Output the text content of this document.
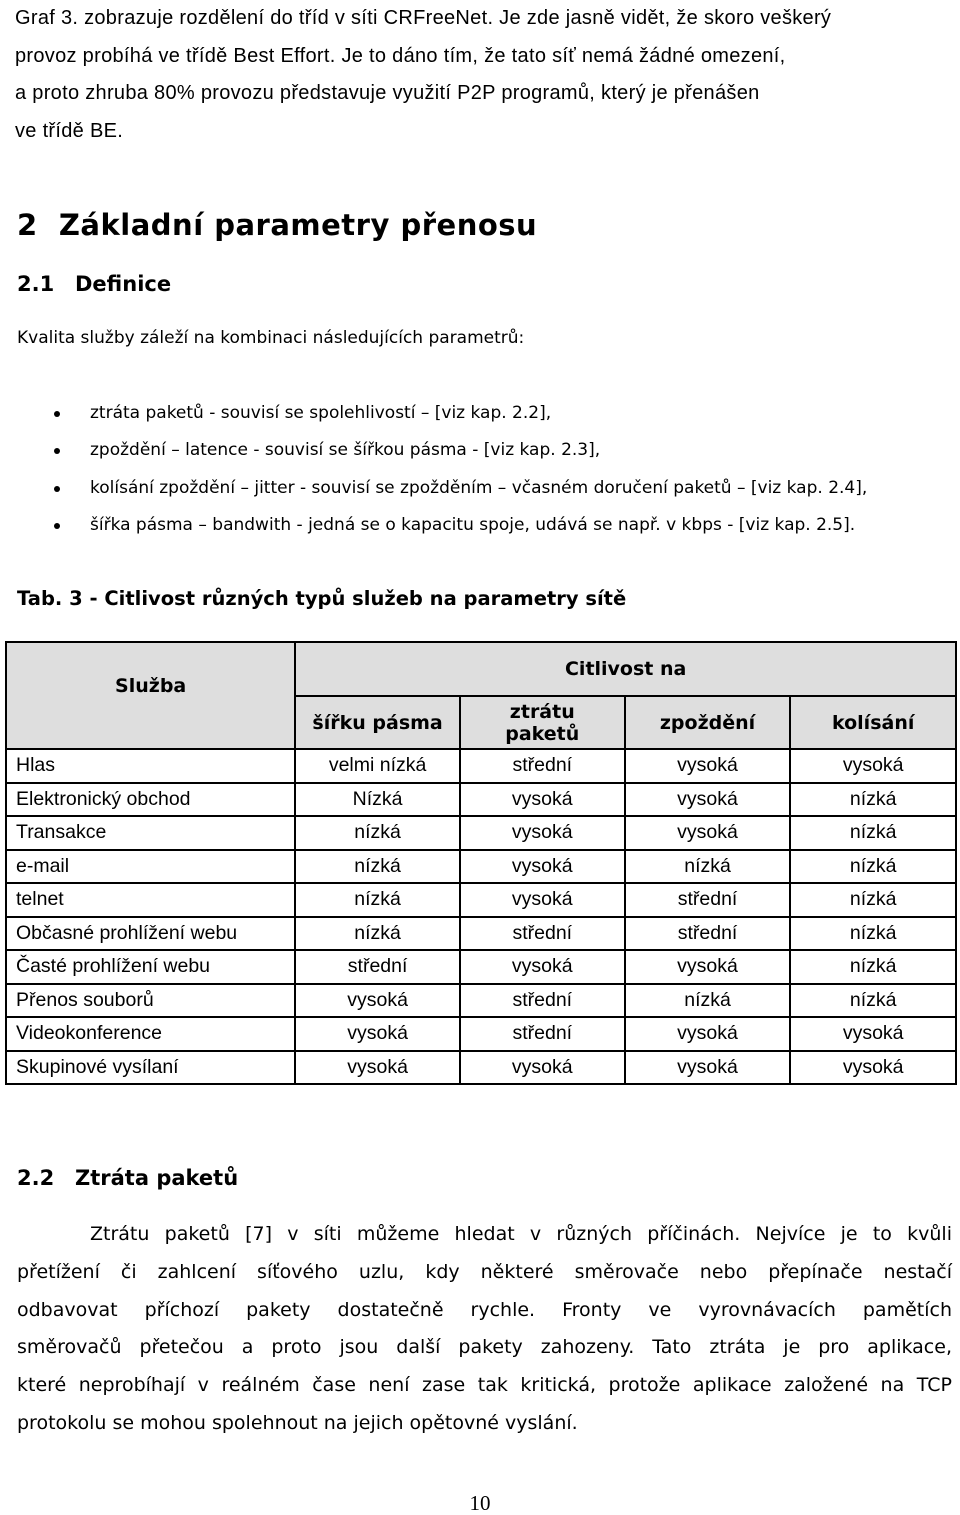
Graf 3. zobrazuje rozdělení do tříd v síti CRFreeNet. Je zde jasně vidět, že skoro veškerý
provoz probíhá ve třídě Best Effort. Je to dáno tím, že tato síť nemá žádné omezení,
a proto zhruba 80% provozu představuje využití P2P programů, který je přenášen
ve třídě BE.
2 Základní parametry přenosu
2.1 Definice
Kvalita služby záleží na kombinaci následujících parametrů:
ztráta paketů - souvisí se spolehlivostí – [viz kap. 2.2],
zpoždění – latence - souvisí se šířkou pásma - [viz kap. 2.3],
kolísání zpoždění – jitter - souvisí se zpožděním – včasném doručení paketů – [viz kap. 2.4],
šířka pásma – bandwith - jedná se o kapacitu spoje, udává se např. v kbps - [viz kap. 2.5].
Tab. 3 - Citlivost různých typů služeb na parametry sítě
Služba	Citlivost na			
	šířku pásma	ztrátu paketů	zpoždění	kolísání
Hlas	velmi nízká	střední	vysoká	vysoká
Elektronický obchod	Nízká	vysoká	vysoká	nízká
Transakce	nízká	vysoká	vysoká	nízká
e-mail	nízká	vysoká	nízká	nízká
telnet	nízká	vysoká	střední	nízká
Občasné prohlížení webu	nízká	střední	střední	nízká
Časté prohlížení webu	střední	vysoká	vysoká	nízká
Přenos souborů	vysoká	střední	nízká	nízká
Videokonference	vysoká	střední	vysoká	vysoká
Skupinové vysílaní	vysoká	vysoká	vysoká	vysoká
2.2 Ztráta paketů
Ztrátu paketů [7] v síti můžeme hledat v různých příčinách. Nejvíce je to kvůli
přetížení či zahlcení síťového uzlu, kdy některé směrovače nebo přepínače nestačí
odbavovat příchozí pakety dostatečně rychle. Fronty ve vyrovnávacích pamětích
směrovačů přetečou a proto jsou další pakety zahozeny. Tato ztráta je pro aplikace,
které neprobíhají v reálném čase není zase tak kritická, protože aplikace založené na TCP
protokolu se mohou spolehnout na jejich opětovné vyslání.
10
